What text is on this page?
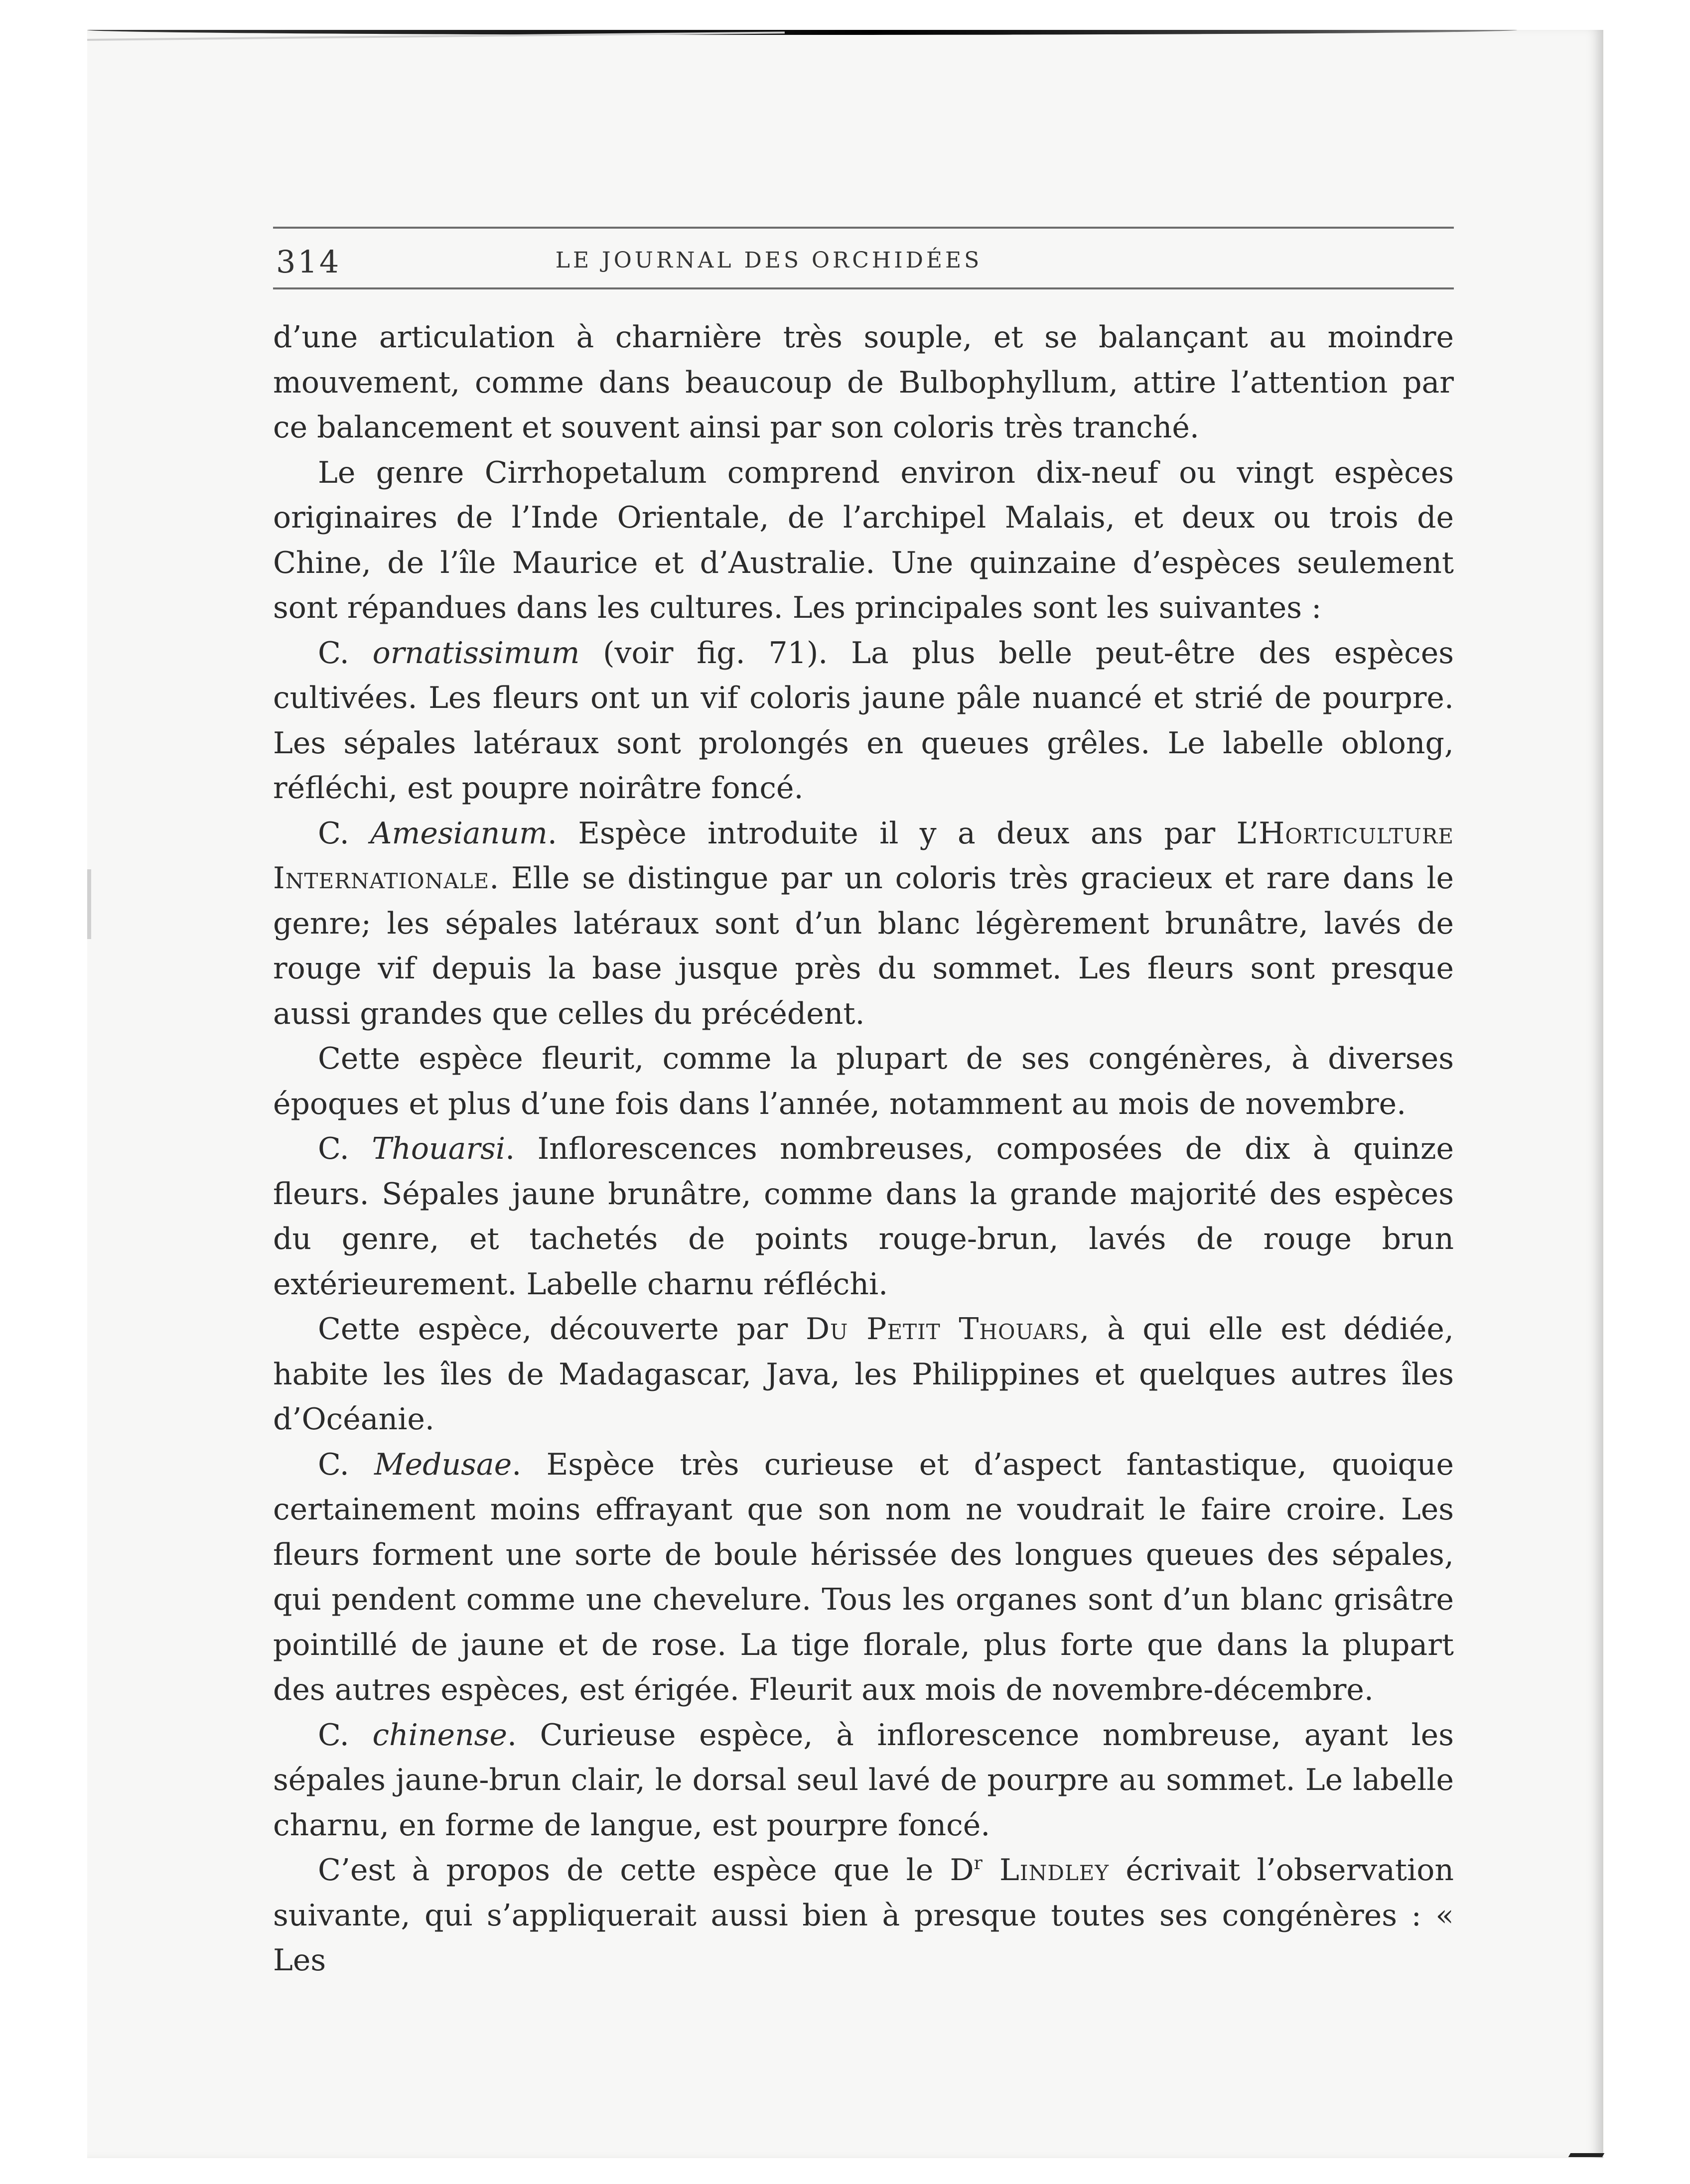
314	LE JOURNAL DES ORCHIDÉES

d’une articulation à charnière très souple, et se balançant au moindre mouvement, comme dans beaucoup de Bulbophyllum, attire l’attention par ce balancement et souvent ainsi par son coloris très tranché.

Le genre Cirrhopetalum comprend environ dix-neuf ou vingt espèces originaires de l’Inde Orientale, de l’archipel Malais, et deux ou trois de Chine, de l’île Maurice et d’Australie. Une quinzaine d’espèces seulement sont répandues dans les cultures. Les principales sont les suivantes :

C. ornatissimum (voir fig. 71). La plus belle peut-être des espèces cultivées. Les fleurs ont un vif coloris jaune pâle nuancé et strié de pourpre. Les sépales latéraux sont prolongés en queues grêles. Le labelle oblong, réfléchi, est poupre noirâtre foncé.

C. Amesianum. Espèce introduite il y a deux ans par L’Horticulture Internationale. Elle se distingue par un coloris très gracieux et rare dans le genre; les sépales latéraux sont d’un blanc légèrement brunâtre, lavés de rouge vif depuis la base jusque près du sommet. Les fleurs sont presque aussi grandes que celles du précédent.

Cette espèce fleurit, comme la plupart de ses congénères, à diverses époques et plus d’une fois dans l’année, notamment au mois de novembre.

C. Thouarsi. Inflorescences nombreuses, composées de dix à quinze fleurs. Sépales jaune brunâtre, comme dans la grande majorité des espèces du genre, et tachetés de points rouge-brun, lavés de rouge brun extérieurement. Labelle charnu réfléchi.

Cette espèce, découverte par Du Petit Thouars, à qui elle est dédiée, habite les îles de Madagascar, Java, les Philippines et quelques autres îles d’Océanie.

C. Medusae. Espèce très curieuse et d’aspect fantastique, quoique certainement moins effrayant que son nom ne voudrait le faire croire. Les fleurs forment une sorte de boule hérissée des longues queues des sépales, qui pendent comme une chevelure. Tous les organes sont d’un blanc grisâtre pointillé de jaune et de rose. La tige florale, plus forte que dans la plupart des autres espèces, est érigée. Fleurit aux mois de novembre-décembre.

C. chinense. Curieuse espèce, à inflorescence nombreuse, ayant les sépales jaune-brun clair, le dorsal seul lavé de pourpre au sommet. Le labelle charnu, en forme de langue, est pourpre foncé.

C’est à propos de cette espèce que le $D^r$ Lindley écrivait l’observation suivante, qui s’appliquerait aussi bien à presque toutes ses congénères : « Les
